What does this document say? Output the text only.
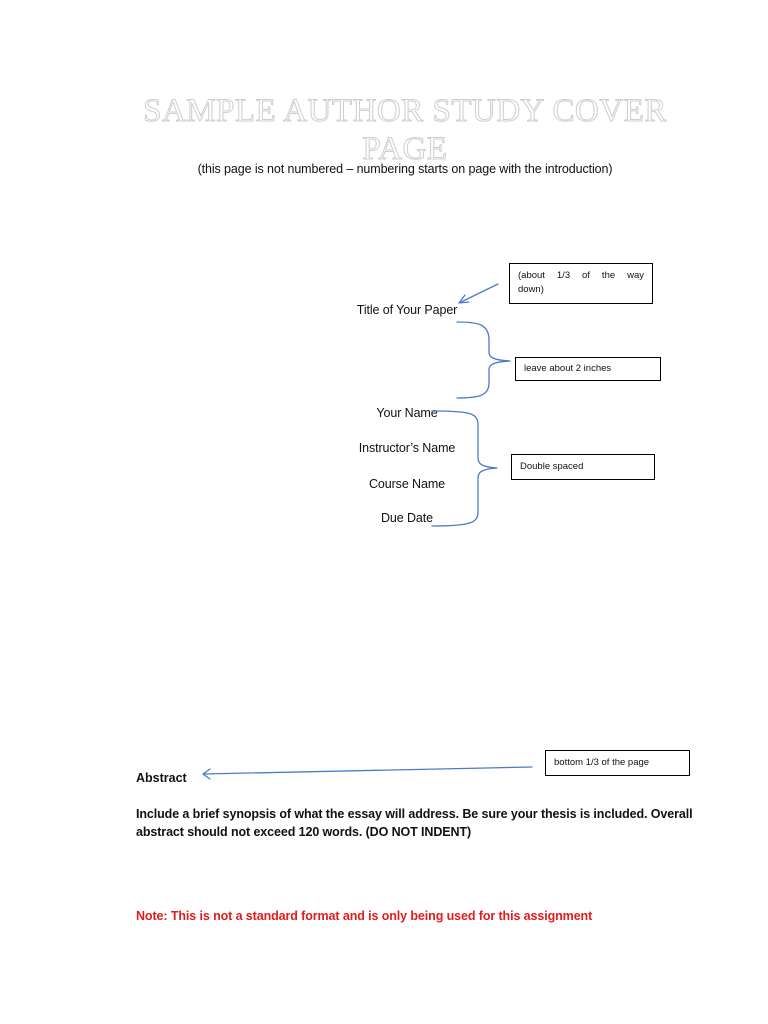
SAMPLE AUTHOR STUDY COVER PAGE
(this page is not numbered – numbering starts on page with the introduction)
Title of Your Paper
Your Name
Instructor’s Name
Course Name
Due Date
(about 1/3 of the way down)
leave about 2 inches
Double spaced
bottom 1/3 of the page
Abstract
Include a brief synopsis of what the essay will address. Be sure your thesis is included. Overall abstract should not exceed 120 words. (DO NOT INDENT)
Note: This is not a standard format and is only being used for this assignment
